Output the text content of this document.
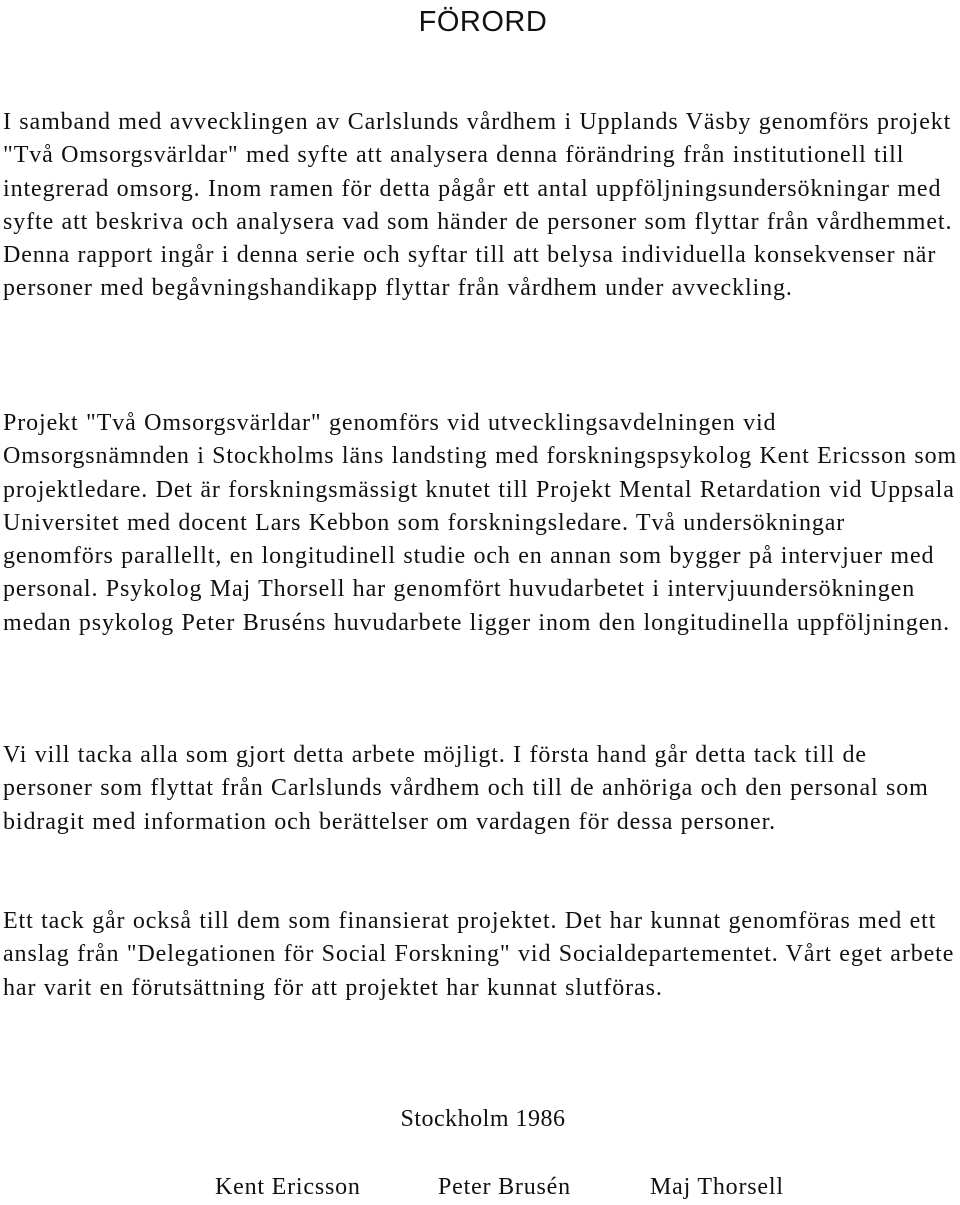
FÖRORD

I samband med avvecklingen av Carlslunds vårdhem i Upplands Väsby genomförs projekt "Två Omsorgsvärldar" med syfte att analysera denna förändring från institutionell till integrerad omsorg. Inom ramen för detta pågår ett antal uppföljningsundersökningar med syfte att beskriva och analysera vad som händer de personer som flyttar från vårdhemmet. Denna rapport ingår i denna serie och syftar till att belysa individuella konsekvenser när personer med begåvningshandikapp flyttar från vårdhem under avveckling.

Projekt "Två Omsorgsvärldar" genomförs vid utvecklingsavdelningen vid Omsorgsnämnden i Stockholms läns landsting med forskningspsykolog Kent Ericsson som projektledare. Det är forskningsmässigt knutet till Projekt Mental Retardation vid Uppsala Universitet med docent Lars Kebbon som forskningsledare. Två undersökningar genomförs parallellt, en longitudinell studie och en annan som bygger på intervjuer med personal. Psykolog Maj Thorsell har genomfört huvudarbetet i intervjuundersökningen medan psykolog Peter Bruséns huvudarbete ligger inom den longitudinella uppföljningen.

Vi vill tacka alla som gjort detta arbete möjligt. I första hand går detta tack till de personer som flyttat från Carlslunds vårdhem och till de anhöriga och den personal som bidragit med information och berättelser om vardagen för dessa personer.

Ett tack går också till dem som finansierat projektet. Det har kunnat genomföras med ett anslag från "Delegationen för Social Forskning" vid Socialdepartementet. Vårt eget arbete har varit en förutsättning för att projektet har kunnat slutföras.

Stockholm 1986

Kent Ericsson	Peter Brusén	Maj Thorsell
